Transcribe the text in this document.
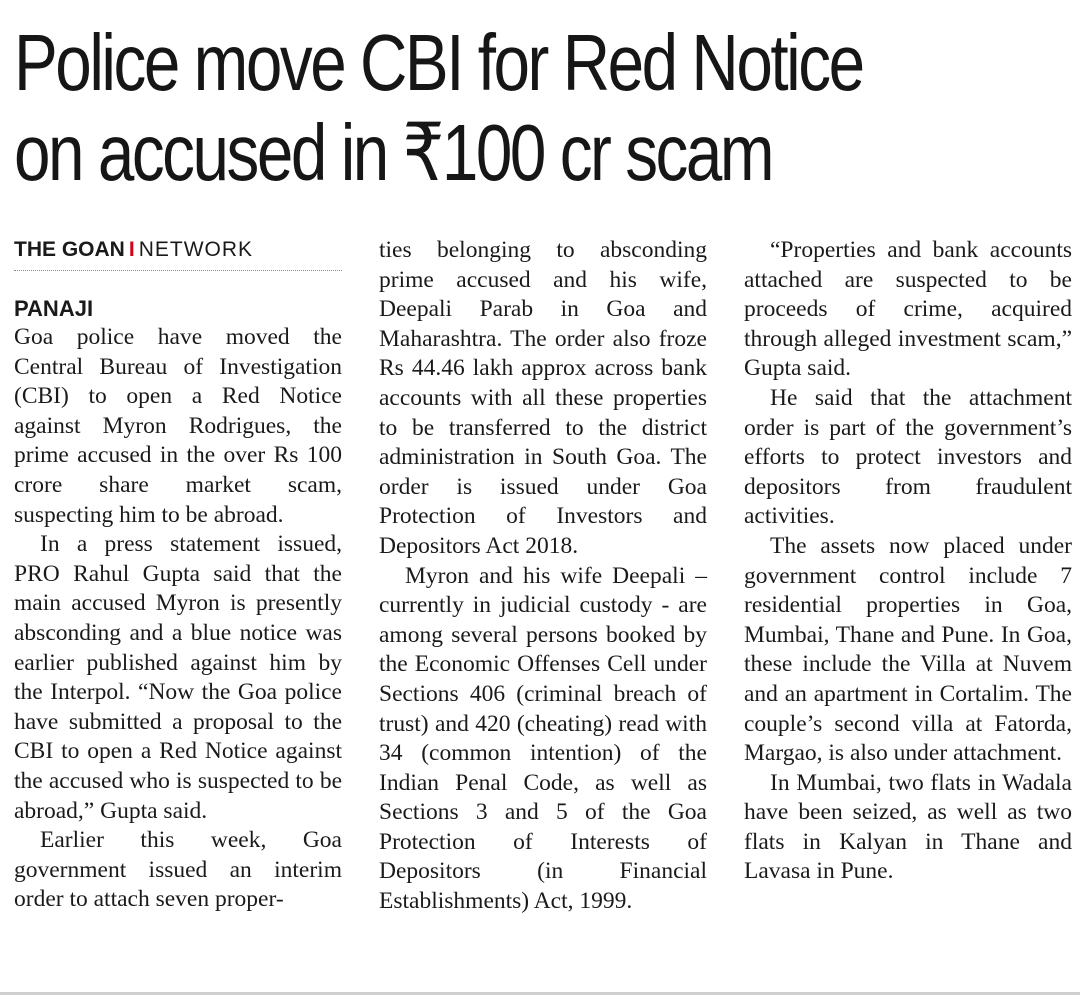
Police move CBI for Red Notice
on accused in ₹100 cr scam
THE GOAN I NETWORK

PANAJI

Goa police have moved the Central Bureau of Investigation (CBI) to open a Red Notice against Myron Rodrigues, the prime accused in the over Rs 100 crore share market scam, suspecting him to be abroad.

In a press statement issued, PRO Rahul Gupta said that the main accused Myron is presently absconding and a blue notice was earlier published against him by the Interpol. “Now the Goa police have submitted a proposal to the CBI to open a Red Notice against the accused who is suspected to be abroad,” Gupta said.

Earlier this week, Goa government issued an interim order to attach seven proper-

ties belonging to absconding prime accused and his wife, Deepali Parab in Goa and Maharashtra. The order also froze Rs 44.46 lakh approx across bank accounts with all these properties to be transferred to the district administration in South Goa. The order is issued under Goa Protection of Investors and Depositors Act 2018.

Myron and his wife Deepali – currently in judicial custody - are among several persons booked by the Economic Offenses Cell under Sections 406 (criminal breach of trust) and 420 (cheating) read with 34 (common intention) of the Indian Penal Code, as well as Sections 3 and 5 of the Goa Protection of Interests of Depositors (in Financial Establishments) Act, 1999.

“Properties and bank accounts attached are suspected to be proceeds of crime, acquired through alleged investment scam,” Gupta said.

He said that the attachment order is part of the government’s efforts to protect investors and depositors from fraudulent activities.

The assets now placed under government control include 7 residential properties in Goa, Mumbai, Thane and Pune. In Goa, these include the Villa at Nuvem and an apartment in Cortalim. The couple’s second villa at Fatorda, Margao, is also under attachment.

In Mumbai, two flats in Wadala have been seized, as well as two flats in Kalyan in Thane and Lavasa in Pune.
